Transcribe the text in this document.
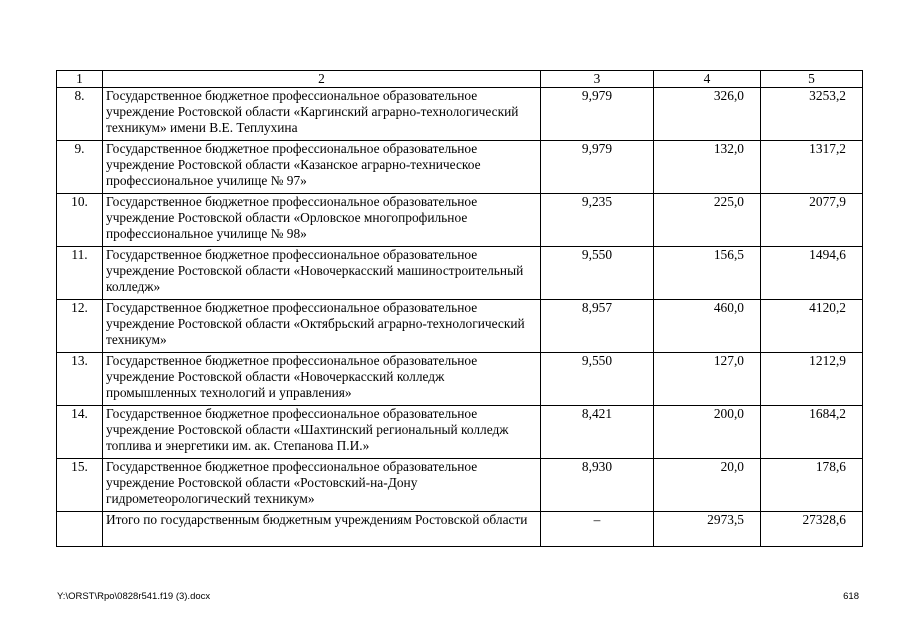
1	2	3	4	5
8.	Государственное бюджетное профессиональное образовательное учреждение Ростовской области «Каргинский аграрно-технологический техникум» имени В.Е. Теплухина	9,979	326,0	3253,2
9.	Государственное бюджетное профессиональное образовательное учреждение Ростовской области «Казанское аграрно-техническое профессиональное училище № 97»	9,979	132,0	1317,2
10.	Государственное бюджетное профессиональное образовательное учреждение Ростовской области «Орловское многопрофильное профессиональное училище № 98»	9,235	225,0	2077,9
11.	Государственное бюджетное профессиональное образовательное учреждение Ростовской области «Новочеркасский машиностроительный колледж»	9,550	156,5	1494,6
12.	Государственное бюджетное профессиональное образовательное учреждение Ростовской области «Октябрьский аграрно-технологический техникум»	8,957	460,0	4120,2
13.	Государственное бюджетное профессиональное образовательное учреждение Ростовской области «Новочеркасский колледж промышленных технологий и управления»	9,550	127,0	1212,9
14.	Государственное бюджетное профессиональное образовательное учреждение Ростовской области «Шахтинский региональный колледж топлива и энергетики им. ак. Степанова П.И.»	8,421	200,0	1684,2
15.	Государственное бюджетное профессиональное образовательное учреждение Ростовской области «Ростовский-на-Дону гидрометеорологический техникум»	8,930	20,0	178,6
	Итого по государственным бюджетным учреждениям Ростовской области	–	2973,5	27328,6
Y:\ORST\Rpo\0828r541.f19 (3).docx	618
